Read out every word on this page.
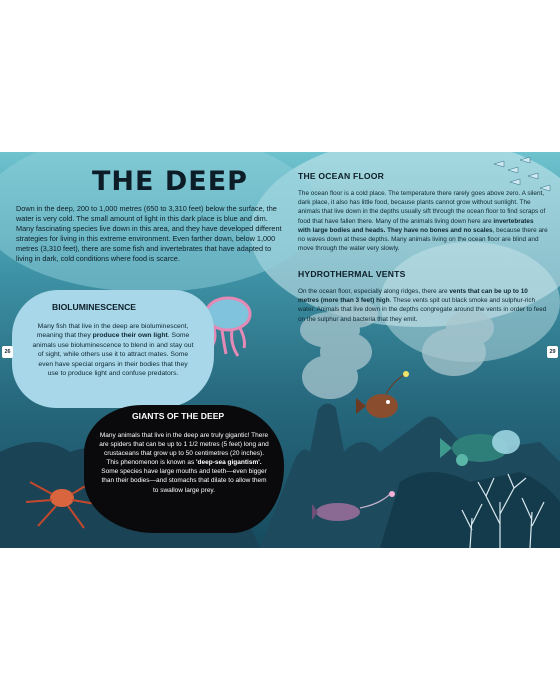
THE DEEP

Down in the deep, 200 to 1,000 metres (650 to 3,310 feet) below the surface, the water is very cold. The small amount of light in this dark place is blue and dim. Many fascinating species live down in this area, and they have developed different strategies for living in this extreme environment. Even farther down, below 1,000 metres (3,310 feet), there are some fish and invertebrates that have adapted to living in dark, cold conditions where food is scarce.

BIOLUMINESCENCE

Many fish that live in the deep are bioluminescent, meaning that they produce their own light. Some animals use bioluminescence to blend in and stay out of sight, while others use it to attract mates. Some even have special organs in their bodies that they use to produce light and confuse predators.

GIANTS OF THE DEEP

Many animals that live in the deep are truly gigantic! There are spiders that can be up to 1 1/2 metres (5 feet) long and crustaceans that grow up to 50 centimetres (20 inches). This phenomenon is known as 'deep-sea gigantism'. Some species have large mouths and teeth—even bigger than their bodies—and stomachs that dilate to allow them to swallow large prey.

THE OCEAN FLOOR

The ocean floor is a cold place. The temperature there rarely goes above zero. A silent, dark place, it also has little food, because plants cannot grow without sunlight. The animals that live down in the depths usually sift through the ocean floor to find scraps of food that have fallen there. Many of the animals living down here are invertebrates with large bodies and heads. They have no bones and no scales, because there are no waves down at these depths. Many animals living on the ocean floor are blind and move through the water very slowly.

HYDROTHERMAL VENTS

On the ocean floor, especially along ridges, there are vents that can be up to 10 metres (more than 3 feet) high. These vents spit out black smoke and sulphur-rich water. Animals that live down in the depths congregate around the vents in order to feed on the sulphur and bacteria that they emit.

26	29
